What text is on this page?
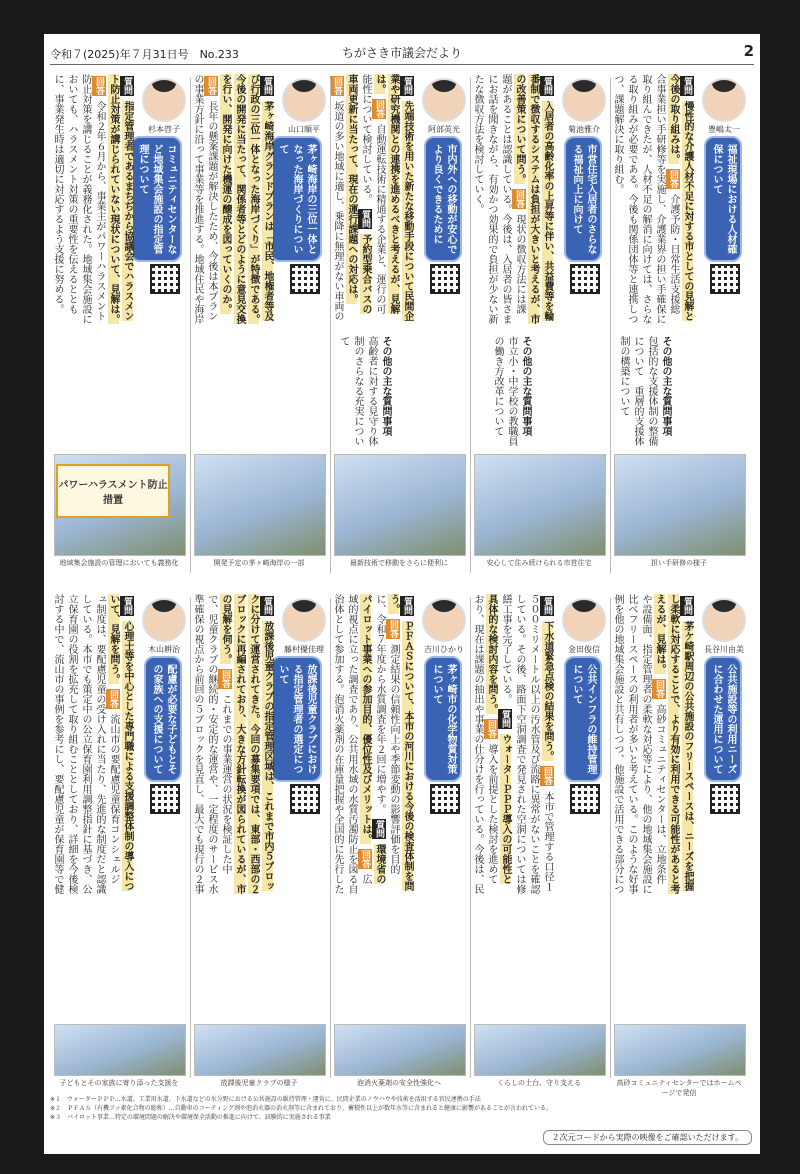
令和７(2025)年７月31日号　No.233	ちがさき市議会だより	2
豊嶋太一
福祉現場における人材確保について
質問 慢性的な介護人材不足に対する市としての見解と今後の取り組みは。 回答 介護予防・日常生活支援総合事業担い手研修等を実施し、介護業界の担い手確保に取り組んできたが、人材不足の解消に向けては、さらなる取り組みが必要である。今後も関係団体等と連携しつつ、課題解決に取り組む。
その他の主な質問事項 包括的な支援体制の整備について　重層的支援体制の構築について
担い手研修の様子
菊池雅介
市営住宅入居者のさらなる福祉向上に向けて
質問 入居者の高齢化率の上昇等に伴い、共益費等を輪番制で徴収するシステムは負担が大きいと考えるが、市の改善策について問う。 回答 現状の徴収方法には課題があることは認識している。今後は、入居者の皆さまにお話を聞きながら、有効かつ効果的で負担が少ない新たな徴収方法を検討していく。
その他の主な質問事項 市立小・中学校の教職員の働き方改革について
安心して住み続けられる市営住宅
阿部英光
市内外への移動が安心でより良くできるために
質問 先端技術を用いた新たな移動手段について民間企業や研究機関との連携を進めるべきと考えるが、見解は。 回答 自動運転技術に精通する企業と、運行の可能性について検討している。 質問 予約型乗合バスの車両更新に当たって、現在の運行課題への対応は。 回答 坂道の多い地域に適し、乗降に無理がない車両の
その他の主な質問事項 高齢者に対する見守り体制のさらなる充実について
最新技術で移動をさらに便利に
山口順平
茅ヶ崎海岸の三位一体となった海岸づくりについて
質問 茅ヶ崎海岸グランドプランは「市民、地権者等及び行政の三位一体となった海岸づくり」が特徴である。今後の開発に当たって、関係者等とどのように意見交換を行い、開発に向けた機運の醸成を図っていくのか。 回答 長年の懸案課題が解決したため、今後は本プランの事業方針に沿って事業等を推進する。地域住民や海岸
開発予定の茅ヶ崎海岸の一部
杉本啓子
コミュニティセンターなど地域集会施設の指定管理について
質問 指定管理者であるまちぢから協議会でハラスメント防止対策が講じられていない現状について、見解は。 回答 令和２年６月から、事業主がパワーハラスメント防止対策を講じることが義務化された。地域集会施設においても、ハラスメント対策の重要性を伝えるとともに、事業発生時は適切に対応するよう支援に努める。
地域集会施設の管理においても義務化
長谷川由美
公共施設等の利用ニーズに合わせた運用について
質問 茅ケ崎駅周辺の公共施設のフリースペースは、ニーズを把握し柔軟に対応することで、より有効に利用できる可能性があると考えるが、見解は。 回答 高砂コミュニティセンターは、立地条件や設備面、指定管理者の柔軟な対応等により、他の地域集会施設に比べフリースペースの利用者が多いと考えている。このような好事例を他の地域集会施設と共有しつつ、他施設で活用できる部分につ
高砂コミュニティセンターではホームページで発信
金田俊信
公共インフラの維持管理について
質問 下水道緊急点検の結果を問う。 回答 本市で管理する口径１５００ミリメートル以上の汚水管及び流路に異常がないことを確認している。その後、路面下空洞調査で発見された空洞については修繕工事を完了している。 質問 ウォーターＰＰＰ導入の可能性と具体的な検討内容を問う。 回答 導入を前提とした検討を進めており、現在は課題の抽出や事業の仕分けを行っている。今後は、民
くらしの土台、守り支える
吉川ひかり
茅ヶ崎市の化学物質対策について
質問 ＰＦＡＳについて、本市の河川における今後の検査体制を問う。 回答 測定結果の信頼性向上や季節変動の影響評価を目的に、令和７年度から水質調査を年２回に増やす。 質問 環境省のパイロット事業への参加目的、優位性及びメリットは。 回答 広域的視点に立った調査であり、公共用水域の水質汚濁防止を図る自治体として参加する。泡消火薬剤の在庫量把握や全国的に先行した
泡消火薬剤の安全性強化へ
藤村優佳理
放課後児童クラブにおける指定管理者の選定について
質問 放課後児童クラブの指定管理区域は、これまで市内５ブロックに分けて運営されてきた。今回の募集要項では、東部・西部の２ブロックに再編されており、大きな方針転換が図られているが、市の見解を伺う。 回答 これまでの事業運営の状況を検証した中で、児童クラブの継続的・安定的な運営や、一定程度のサービス水準確保の視点から前回の５ブロックを見直し、最大でも現行の２事
放課後児童クラブの様子
木山耕治
配慮が必要な子どもとその家族への支援について
質問 心理士等を中心とした専門職による支援調整体制の導入について、見解を問う。 回答 流山市の要配慮児童保育コンシェルジュ制度は、要配慮児童の受け入れに当たり、先進的な制度だと認識している。本市でも策定中の公立保育園利用調整指針に基づき、公立保育園の役割を拡充して取り組むこととしており、詳細を今後検討する中で、流山市の事例を参考にし、要配慮児童が保育園等で健
子どもとその家族に寄り添った支援を
パワーハラスメント防止措置
※１　ウォーターＰＰＰ…水道、工業用水道、下水道などの水分野における公共施設の維持管理・運営に、民間企業のノウハウや技術を活用する官民連携の手法
※２　ＰＦＡＳ（有機フッ素化合物の総称）…自動車のコーティング剤や泡消火器の消火剤等に含まれており、蓄積性以上が数年水等に含まれると健康に影響があることが言われている。
※３　パイロット事業…特定の環境問題の解決や環境保全活動の推進に向けて、試験的に実施される事業
２次元コードから実際の映像をご確認いただけます。
